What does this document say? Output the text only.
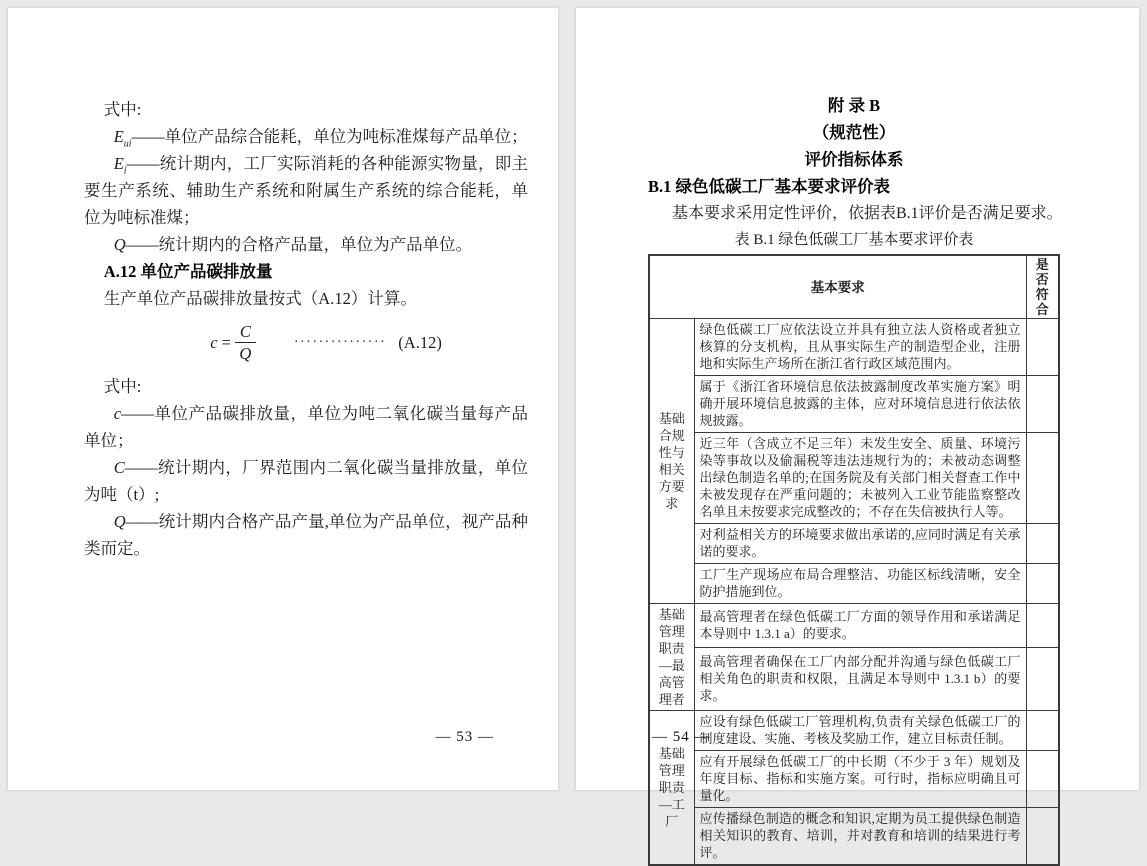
式中:

$E_{ui}——$单位产品综合能耗，单位为吨标准煤每产品单位；

$E_i——$统计期内，工厂实际消耗的各种能源实物量，即主要生产系统、辅助生产系统和附属生产系统的综合能耗，单位为吨标准煤；

Q——统计期内的合格产品量，单位为产品单位。

A.12 单位产品碳排放量

生产单位产品碳排放量按式（A.12）计算。

$c = \frac{C}{Q}$	··············· (A.12)

式中:

c——单位产品碳排放量，单位为吨二氧化碳当量每产品单位；

C——统计期内，厂界范围内二氧化碳当量排放量，单位为吨（t）;

Q——统计期内合格产品产量,单位为产品单位，视产品种类而定。

— 53 —

附 录 B

（规范性）

评价指标体系

B.1 绿色低碳工厂基本要求评价表

基本要求采用定性评价，依据表B.1评价是否满足要求。

表 B.1 绿色低碳工厂基本要求评价表

基本要求		是否符合
基础合规性与相关方要求	绿色低碳工厂应依法设立并具有独立法人资格或者独立核算的分支机构，且从事实际生产的制造型企业，注册地和实际生产场所在浙江省行政区域范围内。	
	属于《浙江省环境信息依法披露制度改革实施方案》明确开展环境信息披露的主体，应对环境信息进行依法依规披露。	
	近三年（含成立不足三年）未发生安全、质量、环境污染等事故以及偷漏税等违法违规行为的；未被动态调整出绿色制造名单的;在国务院及有关部门相关督查工作中未被发现存在严重问题的；未被列入工业节能监察整改名单且未按要求完成整改的；不存在失信被执行人等。	
	对利益相关方的环境要求做出承诺的,应同时满足有关承诺的要求。	
	工厂生产现场应布局合理整洁、功能区标线清晰，安全防护措施到位。	
基础管理职责—最高管理者	最高管理者在绿色低碳工厂方面的领导作用和承诺满足本导则中 1.3.1 a）的要求。	
	最高管理者确保在工厂内部分配并沟通与绿色低碳工厂相关角色的职责和权限，且满足本导则中 1.3.1 b）的要求。	
基础管理职责—工厂	应设有绿色低碳工厂管理机构,负责有关绿色低碳工厂的制度建设、实施、考核及奖励工作，建立目标责任制。	
	应有开展绿色低碳工厂的中长期（不少于 3 年）规划及年度目标、指标和实施方案。可行时，指标应明确且可量化。	
	应传播绿色制造的概念和知识,定期为员工提供绿色制造相关知识的教育、培训，并对教育和培训的结果进行考评。	
— 54 —
